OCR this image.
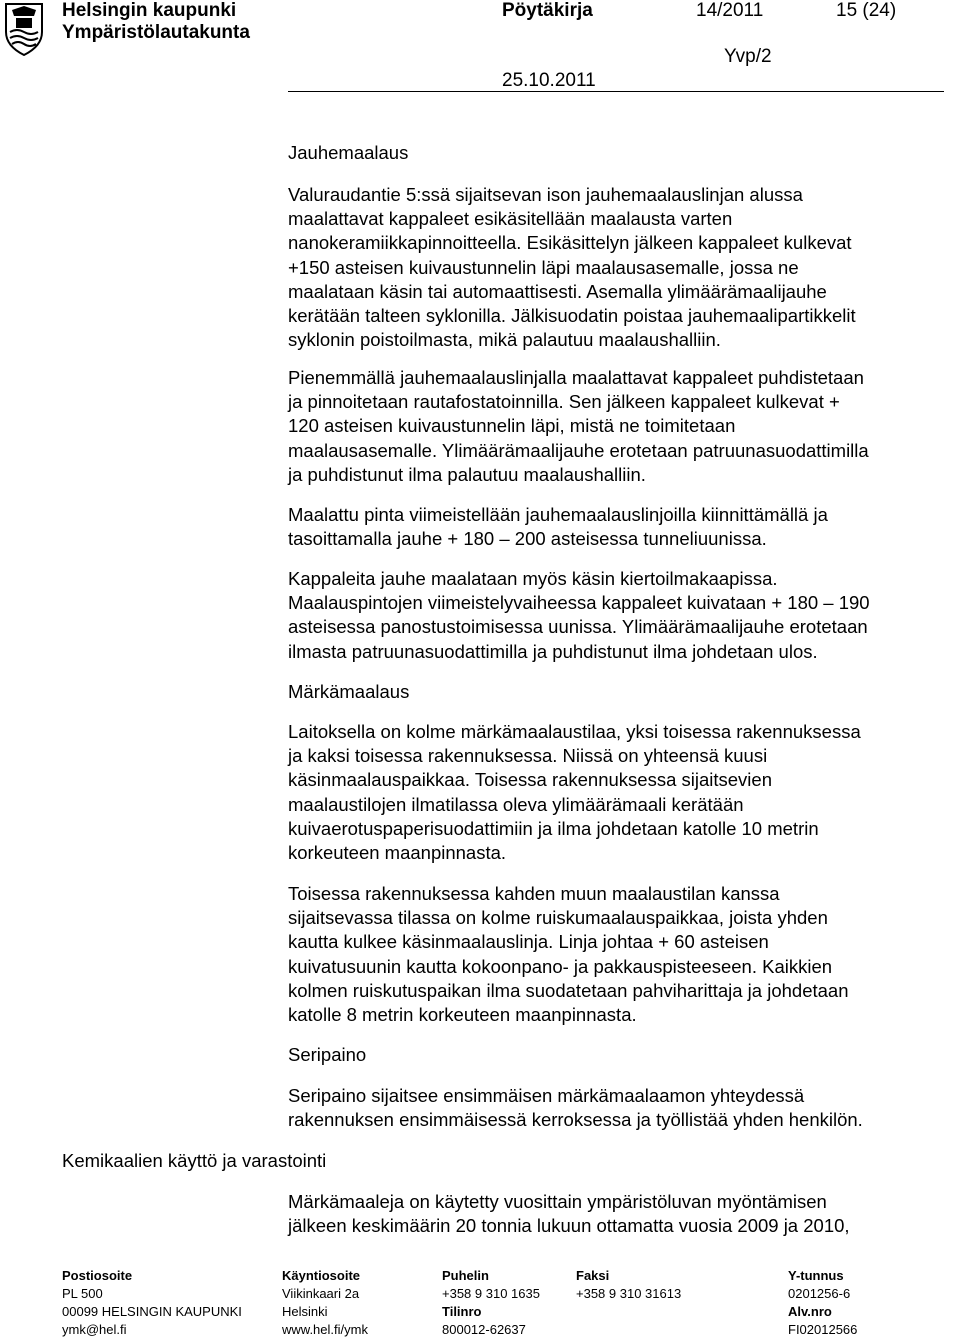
Helsingin kaupunki
Ympäristölautakunta
Pöytäkirja	14/2011	15 (24)
Yvp/2
25.10.2011
Jauhemaalaus
Valuraudantie 5:ssä sijaitsevan ison jauhemaalauslinjan alussa
maalattavat kappaleet esikäsitellään maalausta varten
nanokeramiikkapinnoitteella. Esikäsittelyn jälkeen kappaleet kulkevat
+150 asteisen kuivaustunnelin läpi maalausasemalle, jossa ne
maalataan käsin tai automaattisesti. Asemalla ylimäärämaalijauhe
kerätään talteen syklonilla. Jälkisuodatin poistaa jauhemaalipartikkelit
syklonin poistoilmasta, mikä palautuu maalaushalliin.
Pienemmällä jauhemaalauslinjalla maalattavat kappaleet puhdistetaan
ja pinnoitetaan rautafostatoinnilla. Sen jälkeen kappaleet kulkevat +
120 asteisen kuivaustunnelin läpi, mistä ne toimitetaan
maalausasemalle. Ylimäärämaalijauhe erotetaan patruunasuodattimilla
ja puhdistunut ilma palautuu maalaushalliin.
Maalattu pinta viimeistellään jauhemaalauslinjoilla kiinnittämällä ja
tasoittamalla jauhe + 180 – 200 asteisessa tunneliuunissa.
Kappaleita jauhe maalataan myös käsin kiertoilmakaapissa.
Maalauspintojen viimeistelyvaiheessa kappaleet kuivataan + 180 – 190
asteisessa panostustoimisessa uunissa. Ylimäärämaalijauhe erotetaan
ilmasta patruunasuodattimilla ja puhdistunut ilma johdetaan ulos.
Märkämaalaus
Laitoksella on kolme märkämaalaustilaa, yksi toisessa rakennuksessa
ja kaksi toisessa rakennuksessa. Niissä on yhteensä kuusi
käsinmaalauspaikkaa. Toisessa rakennuksessa sijaitsevien
maalaustilojen ilmatilassa oleva ylimäärämaali kerätään
kuivaerotuspaperisuodattimiin ja ilma johdetaan katolle 10 metrin
korkeuteen maanpinnasta.
Toisessa rakennuksessa kahden muun maalaustilan kanssa
sijaitsevassa tilassa on kolme ruiskumaalauspaikkaa, joista yhden
kautta kulkee käsinmaalauslinja. Linja johtaa + 60 asteisen
kuivatusuunin kautta kokoonpano- ja pakkauspisteeseen. Kaikkien
kolmen ruiskutuspaikan ilma suodatetaan pahviharittaja ja johdetaan
katolle 8 metrin korkeuteen maanpinnasta.
Seripaino
Seripaino sijaitsee ensimmäisen märkämaalaamon yhteydessä
rakennuksen ensimmäisessä kerroksessa ja työllistää yhden henkilön.
Kemikaalien käyttö ja varastointi
Märkämaaleja on käytetty vuosittain ympäristöluvan myöntämisen
jälkeen keskimäärin 20 tonnia lukuun ottamatta vuosia 2009 ja 2010,
Postiosoite
PL 500
00099 HELSINGIN KAUPUNKI
ymk@hel.fi
Käyntiosoite
Viikinkaari 2a
Helsinki
www.hel.fi/ymk
Puhelin
+358 9 310 1635
Tilinro
800012-62637
Faksi
+358 9 310 31613
Y-tunnus
0201256-6
Alv.nro
FI02012566
